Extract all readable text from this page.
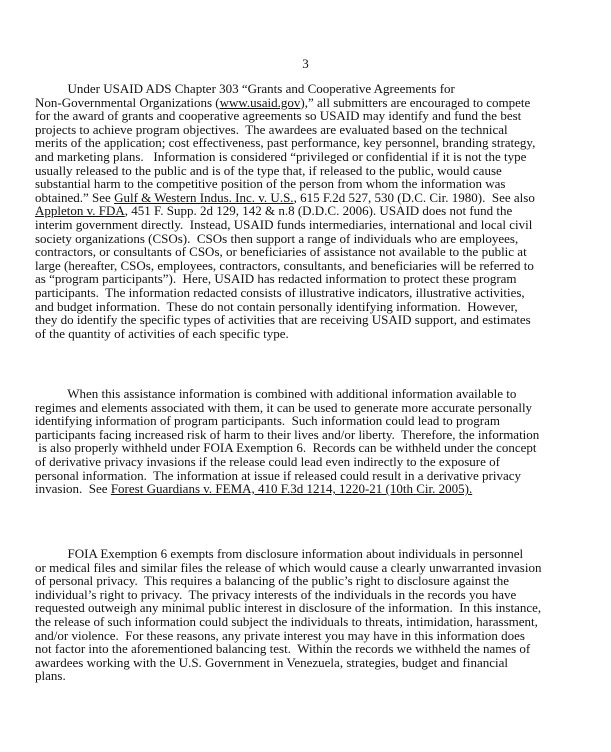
3
Under USAID ADS Chapter 303 “Grants and Cooperative Agreements for
Non-Governmental Organizations (www.usaid.gov),” all submitters are encouraged to compete
for the award of grants and cooperative agreements so USAID may identify and fund the best
projects to achieve program objectives.  The awardees are evaluated based on the technical
merits of the application; cost effectiveness, past performance, key personnel, branding strategy,
and marketing plans.   Information is considered “privileged or confidential if it is not the type
usually released to the public and is of the type that, if released to the public, would cause
substantial harm to the competitive position of the person from whom the information was
obtained.” See Gulf & Western Indus. Inc. v. U.S., 615 F.2d 527, 530 (D.C. Cir. 1980).  See also
Appleton v. FDA, 451 F. Supp. 2d 129, 142 & n.8 (D.D.C. 2006). USAID does not fund the
interim government directly.  Instead, USAID funds intermediaries, international and local civil
society organizations (CSOs).  CSOs then support a range of individuals who are employees,
contractors, or consultants of CSOs, or beneficiaries of assistance not available to the public at
large (hereafter, CSOs, employees, contractors, consultants, and beneficiaries will be referred to
as “program participants”).  Here, USAID has redacted information to protect these program
participants.  The information redacted consists of illustrative indicators, illustrative activities,
and budget information.  These do not contain personally identifying information.  However,
they do identify the specific types of activities that are receiving USAID support, and estimates
of the quantity of activities of each specific type.
When this assistance information is combined with additional information available to
regimes and elements associated with them, it can be used to generate more accurate personally
identifying information of program participants.  Such information could lead to program
participants facing increased risk of harm to their lives and/or liberty.  Therefore, the information
is also properly withheld under FOIA Exemption 6.  Records can be withheld under the concept
of derivative privacy invasions if the release could lead even indirectly to the exposure of
personal information.  The information at issue if released could result in a derivative privacy
invasion.  See Forest Guardians v. FEMA, 410 F.3d 1214, 1220-21 (10th Cir. 2005).
FOIA Exemption 6 exempts from disclosure information about individuals in personnel
or medical files and similar files the release of which would cause a clearly unwarranted invasion
of personal privacy.  This requires a balancing of the public’s right to disclosure against the
individual’s right to privacy.  The privacy interests of the individuals in the records you have
requested outweigh any minimal public interest in disclosure of the information.  In this instance,
the release of such information could subject the individuals to threats, intimidation, harassment,
and/or violence.  For these reasons, any private interest you may have in this information does
not factor into the aforementioned balancing test.  Within the records we withheld the names of
awardees working with the U.S. Government in Venezuela, strategies, budget and financial
plans.
